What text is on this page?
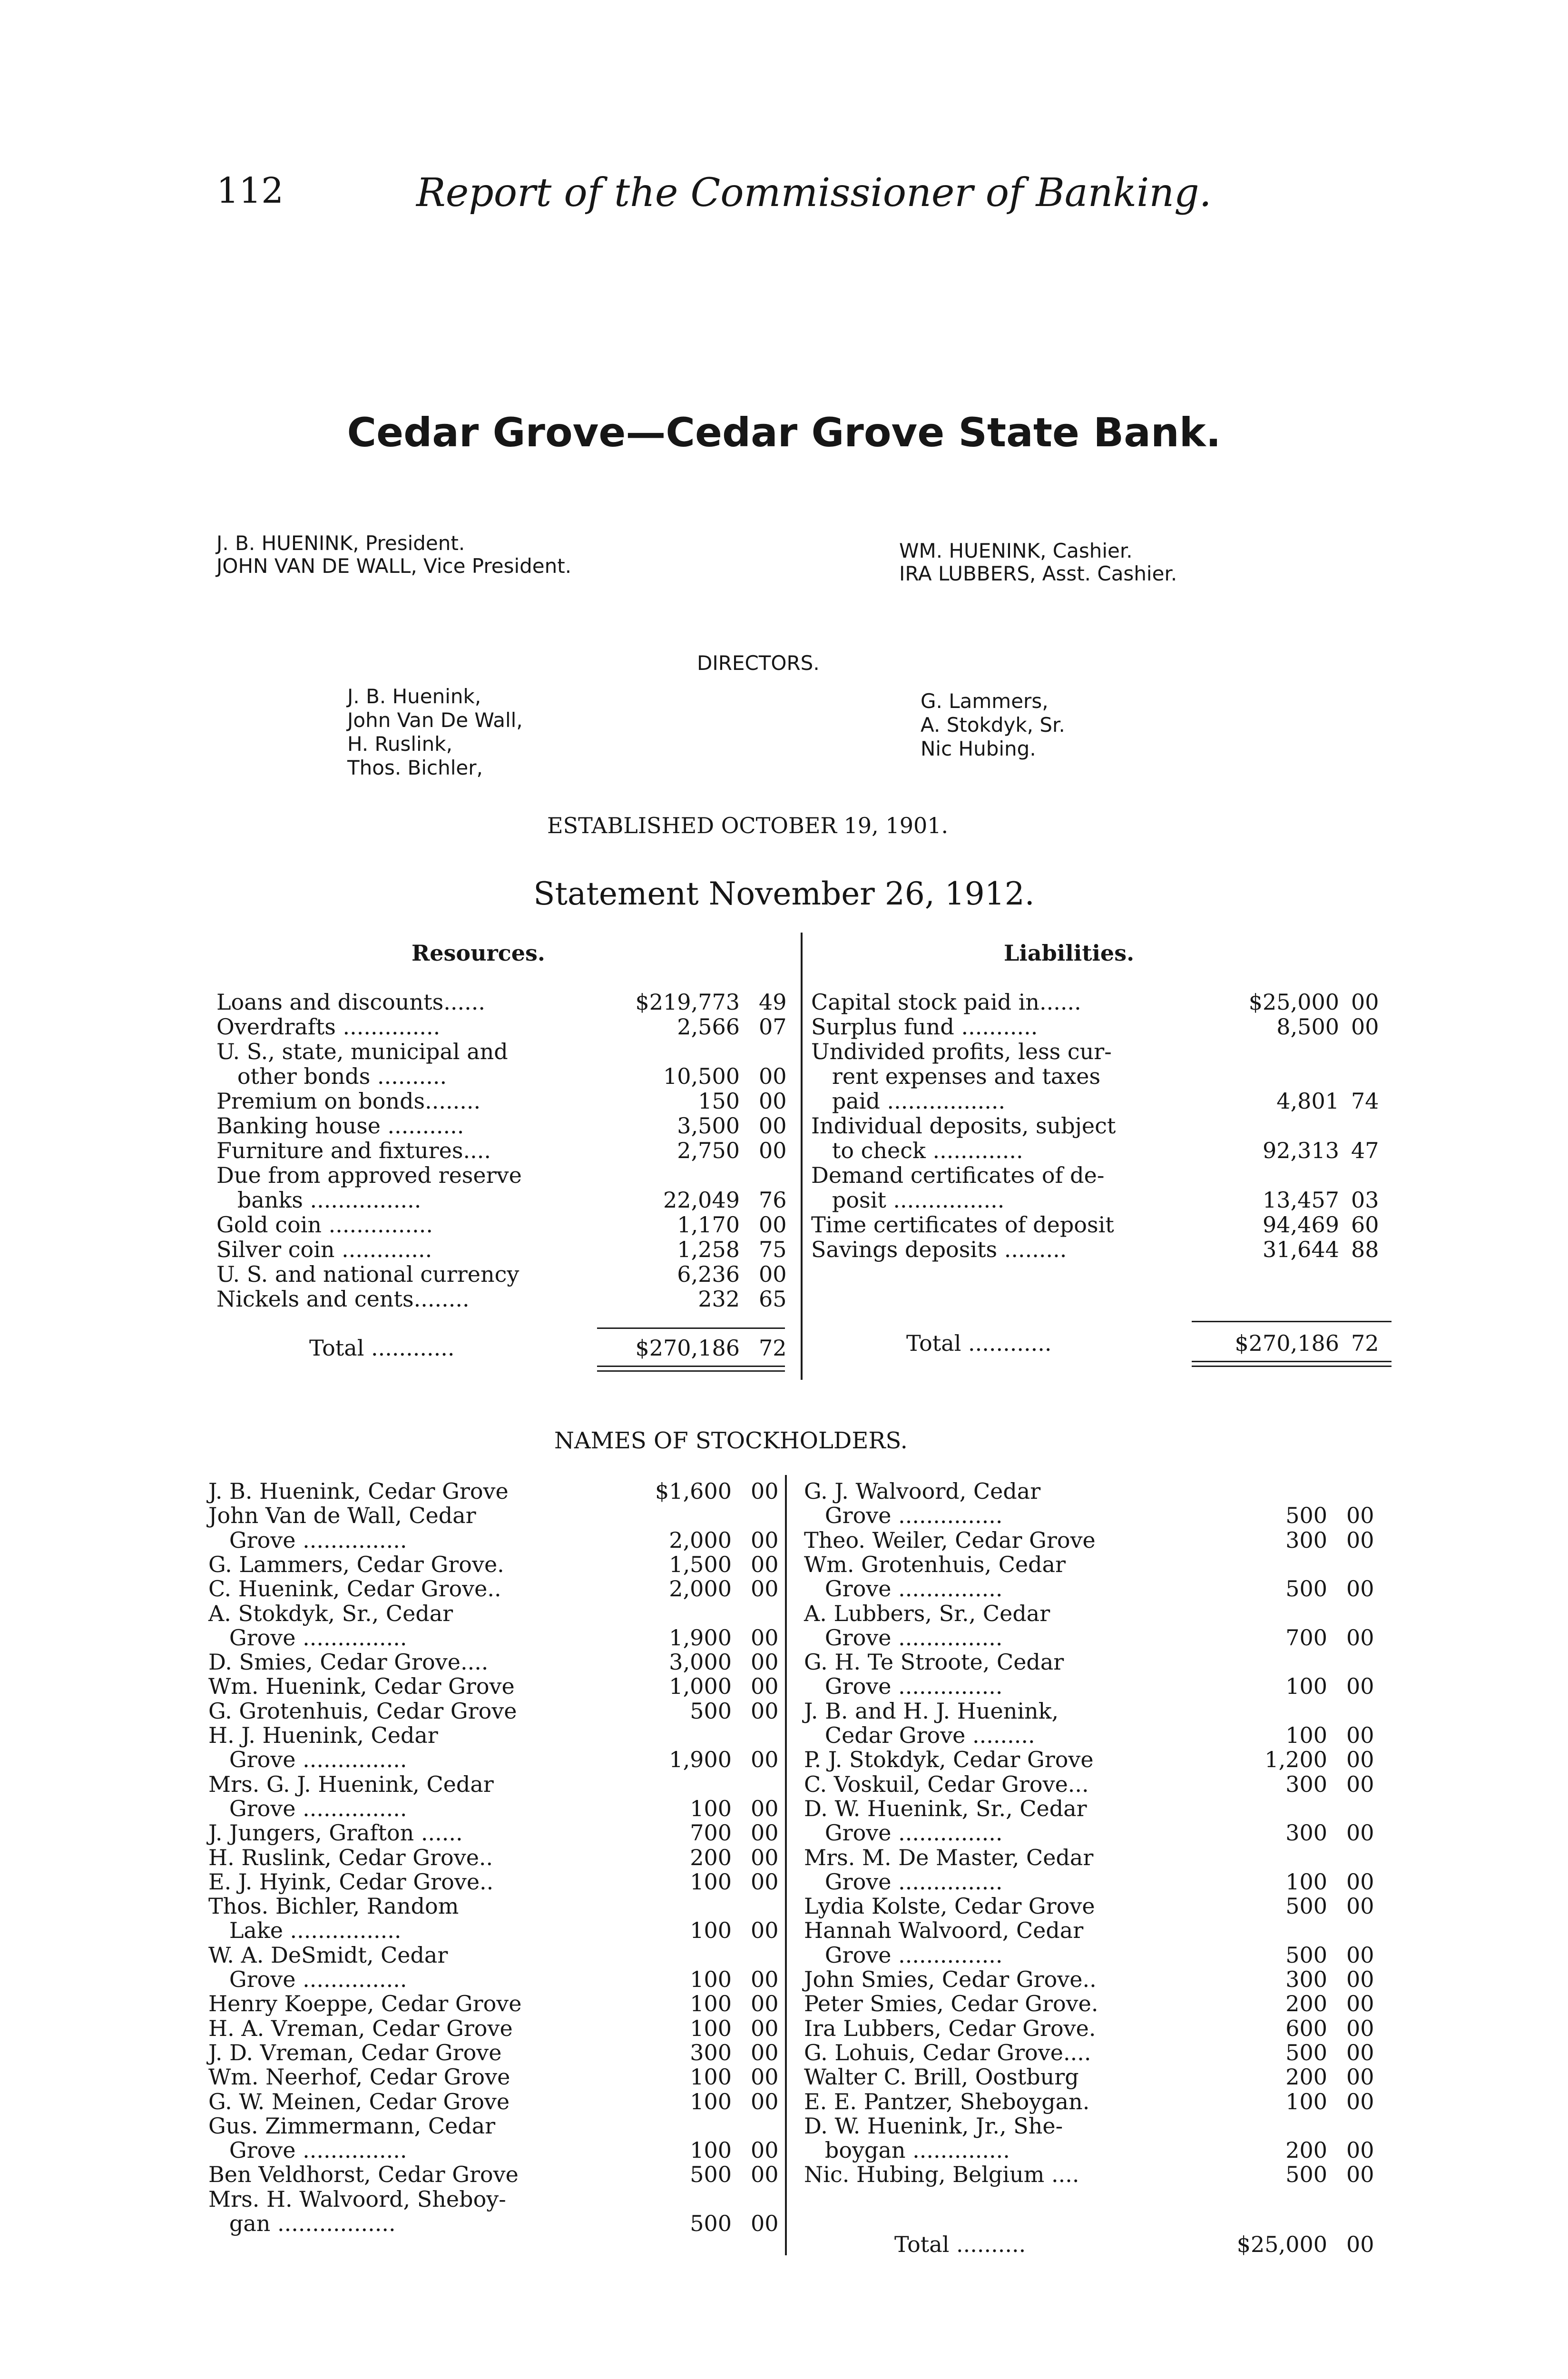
112	Report of the Commissioner of Banking.
Cedar Grove—Cedar Grove State Bank.
J. B. HUENINK, President.
JOHN VAN DE WALL, Vice President.
WM. HUENINK, Cashier.
IRA LUBBERS, Asst. Cashier.
DIRECTORS.
J. B. Huenink,
John Van De Wall,
H. Ruslink,
Thos. Bichler,
G. Lammers,
A. Stokdyk, Sr.
Nic Hubing.
ESTABLISHED OCTOBER 19, 1901.
Statement November 26, 1912.
Resources.	Liabilities.
Loans and discounts......	$219,773 49
Overdrafts ..............	2,566 07
U. S., state, municipal and
other bonds ..........	10,500 00
Premium on bonds........	150 00
Banking house ...........	3,500 00
Furniture and fixtures....	2,750 00
Due from approved reserve
banks ................	22,049 76
Gold coin ...............	1,170 00
Silver coin .............	1,258 75
U. S. and national currency	6,236 00
Nickels and cents........	232 65
Capital stock paid in......	$25,000 00
Surplus fund ...........	8,500 00
Undivided profits, less cur-
rent expenses and taxes
paid .................	4,801 74
Individual deposits, subject
to check .............	92,313 47
Demand certificates of de-
posit ................	13,457 03
Time certificates of deposit	94,469 60
Savings deposits .........	31,644 88
Total ............	$270,186 72	Total ............	$270,186 72
NAMES OF STOCKHOLDERS.
J. B. Huenink, Cedar Grove	$1,600 00
John Van de Wall, Cedar
Grove ...............	2,000 00
G. Lammers, Cedar Grove.	1,500 00
C. Huenink, Cedar Grove..	2,000 00
A. Stokdyk, Sr., Cedar
Grove ...............	1,900 00
D. Smies, Cedar Grove....	3,000 00
Wm. Huenink, Cedar Grove	1,000 00
G. Grotenhuis, Cedar Grove	500 00
H. J. Huenink, Cedar
Grove ...............	1,900 00
Mrs. G. J. Huenink, Cedar
Grove ...............	100 00
J. Jungers, Grafton ......	700 00
H. Ruslink, Cedar Grove..	200 00
E. J. Hyink, Cedar Grove..	100 00
Thos. Bichler, Random
Lake ................	100 00
W. A. DeSmidt, Cedar
Grove ...............	100 00
Henry Koeppe, Cedar Grove	100 00
H. A. Vreman, Cedar Grove	100 00
J. D. Vreman, Cedar Grove	300 00
Wm. Neerhof, Cedar Grove	100 00
G. W. Meinen, Cedar Grove	100 00
Gus. Zimmermann, Cedar
Grove ...............	100 00
Ben Veldhorst, Cedar Grove	500 00
Mrs. H. Walvoord, Sheboy-
gan .................	500 00
G. J. Walvoord, Cedar
Grove ...............	500 00
Theo. Weiler, Cedar Grove	300 00
Wm. Grotenhuis, Cedar
Grove ...............	500 00
A. Lubbers, Sr., Cedar
Grove ...............	700 00
G. H. Te Stroote, Cedar
Grove ...............	100 00
J. B. and H. J. Huenink,
Cedar Grove .........	100 00
P. J. Stokdyk, Cedar Grove	1,200 00
C. Voskuil, Cedar Grove...	300 00
D. W. Huenink, Sr., Cedar
Grove ...............	300 00
Mrs. M. De Master, Cedar
Grove ...............	100 00
Lydia Kolste, Cedar Grove	500 00
Hannah Walvoord, Cedar
Grove ...............	500 00
John Smies, Cedar Grove..	300 00
Peter Smies, Cedar Grove.	200 00
Ira Lubbers, Cedar Grove.	600 00
G. Lohuis, Cedar Grove....	500 00
Walter C. Brill, Oostburg	200 00
E. E. Pantzer, Sheboygan.	100 00
D. W. Huenink, Jr., She-
boygan ..............	200 00
Nic. Hubing, Belgium ....	500 00
Total ..........	$25,000 00
